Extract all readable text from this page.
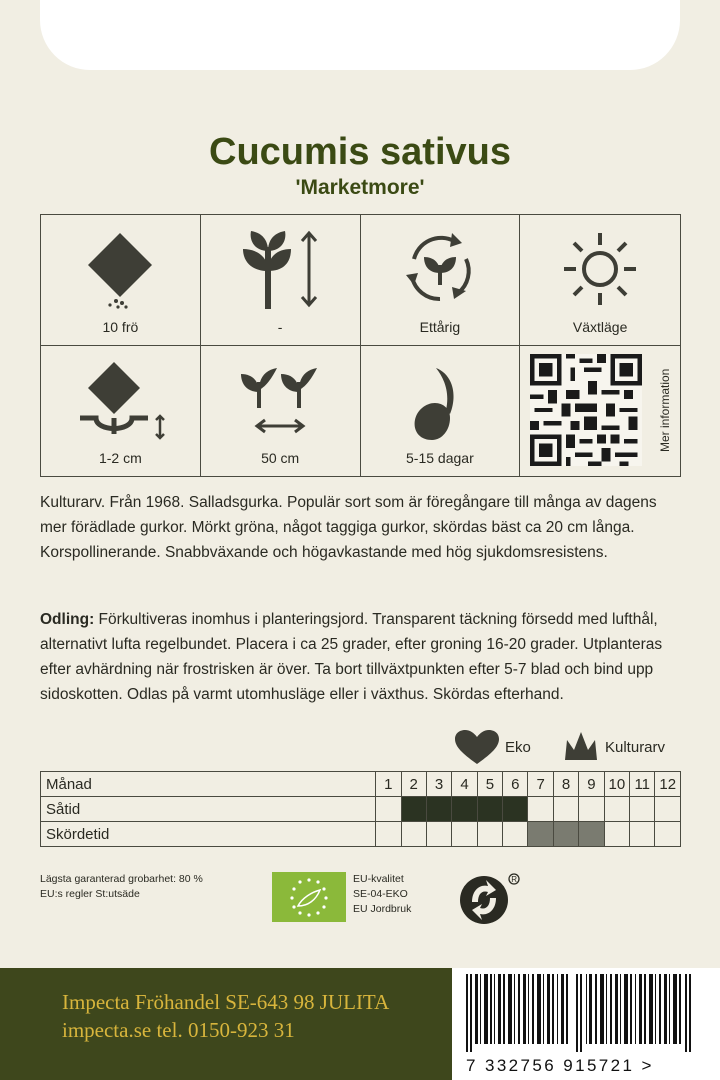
Cucumis sativus
'Marketmore'
10 frö	-	Ettårig	Växtläge
1-2 cm	50 cm	5-15 dagar
Mer information
Kulturarv. Från 1968. Salladsgurka. Populär sort som är föregångare till många av dagens mer förädlade gurkor. Mörkt gröna, något taggiga gurkor, skördas bäst ca 20 cm långa. Korspollinerande. Snabbväxande och högavkastande med hög sjukdomsresistens.
Odling: Förkultiveras inomhus i planteringsjord. Transparent täckning försedd med lufthål, alternativt lufta regelbundet. Placera i ca 25 grader, efter groning 16-20 grader. Utplanteras efter avhärdning när frostrisken är över. Ta bort tillväxtpunkten efter 5-7 blad och bind upp sidoskotten. Odlas på varmt utomhusläge eller i växthus. Skördas efterhand.
Eko	Kulturarv
Månad	1	2	3	4	5	6	7	8	9	10	11	12
Såtid												
Skördetid												
Lägsta garanterad grobarhet: 80 %
EU:s regler St:utsäde
EU-kvalitet
SE-04-EKO
EU Jordbruk
R
Impecta Fröhandel SE-643 98 JULITA
impecta.se tel. 0150-923 31
7 332756 915721 >
